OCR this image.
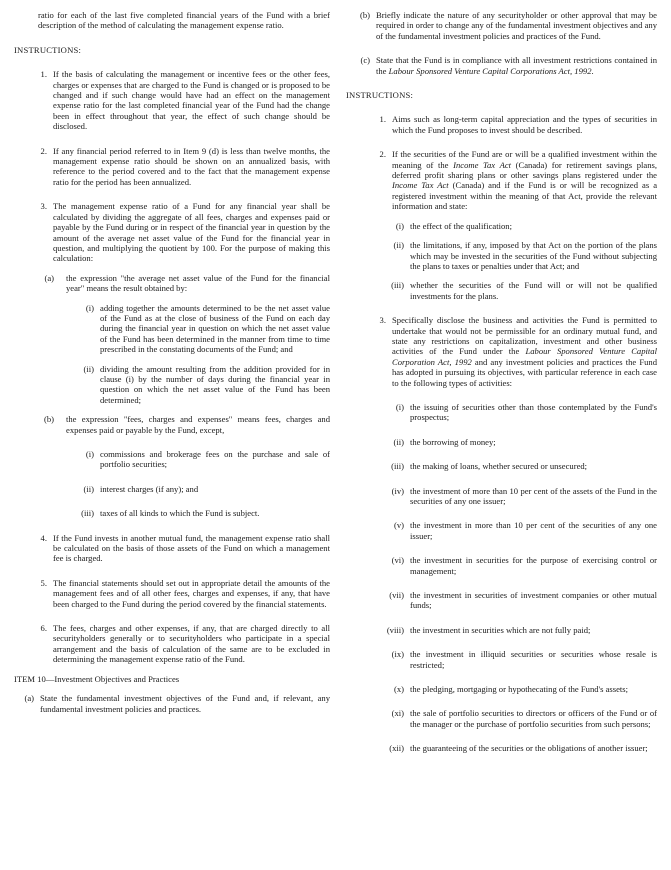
ratio for each of the last five completed financial years of the Fund with a brief description of the method of calculating the management expense ratio.

INSTRUCTIONS:

1. If the basis of calculating the management or incentive fees or the other fees, charges or expenses that are charged to the Fund is changed or is proposed to be changed and if such change would have had an effect on the management expense ratio for the last completed financial year of the Fund had the change been in effect throughout that year, the effect of such change should be disclosed.
2. If any financial period referred to in Item 9 (d) is less than twelve months, the management expense ratio should be shown on an annualized basis, with reference to the period covered and to the fact that the management expense ratio for the period has been annualized.
3. The management expense ratio of a Fund for any financial year shall be calculated by dividing the aggregate of all fees, charges and expenses paid or payable by the Fund during or in respect of the financial year in question by the amount of the average net asset value of the Fund for the financial year in question, and multiplying the quotient by 100. For the purpose of making this calculation:
(a)	the expression "the average net asset value of the Fund for the financial year" means the result obtained by:
(i) adding together the amounts determined to be the net asset value of the Fund as at the close of business of the Fund on each day during the financial year in question on which the net asset value of the Fund has been determined in the manner from time to time prescribed in the constating documents of the Fund; and
(ii) dividing the amount resulting from the addition provided for in clause (i) by the number of days during the financial year in question on which the net asset value of the Fund has been determined;
(b)	the expression "fees, charges and expenses" means fees, charges and expenses paid or payable by the Fund, except,
(i) commissions and brokerage fees on the purchase and sale of portfolio securities;
(ii) interest charges (if any); and
(iii) taxes of all kinds to which the Fund is subject.
4. If the Fund invests in another mutual fund, the management expense ratio shall be calculated on the basis of those assets of the Fund on which a management fee is charged.
5. The financial statements should set out in appropriate detail the amounts of the management fees and of all other fees, charges and expenses, if any, that have been charged to the Fund during the period covered by the financial statements.
6. The fees, charges and other expenses, if any, that are charged directly to all securityholders generally or to securityholders who participate in a special arrangement and the basis of calculation of the same are to be excluded in determining the management expense ratio of the Fund.

ITEM 10—Investment Objectives and Practices

(a) State the fundamental investment objectives of the Fund and, if relevant, any fundamental investment policies and practices.
(b) Briefly indicate the nature of any securityholder or other approval that may be required in order to change any of the fundamental investment objectives and any of the fundamental investment policies and practices of the Fund.
(c) State that the Fund is in compliance with all investment restrictions contained in the Labour Sponsored Venture Capital Corporations Act, 1992.

INSTRUCTIONS:

1. Aims such as long-term capital appreciation and the types of securities in which the Fund proposes to invest should be described.
2. If the securities of the Fund are or will be a qualified investment within the meaning of the Income Tax Act (Canada) for retirement savings plans, deferred profit sharing plans or other savings plans registered under the Income Tax Act (Canada) and if the Fund is or will be recognized as a registered investment within the meaning of that Act, provide the relevant information and state:
(i) the effect of the qualification;
(ii) the limitations, if any, imposed by that Act on the portion of the plans which may be invested in the securities of the Fund without subjecting the plans to taxes or penalties under that Act; and
(iii) whether the securities of the Fund will or will not be qualified investments for the plans.
3. Specifically disclose the business and activities the Fund is permitted to undertake that would not be permissible for an ordinary mutual fund, and state any restrictions on capitalization, investment and other business activities of the Fund under the Labour Sponsored Venture Capital Corporation Act, 1992 and any investment policies and practices the Fund has adopted in pursuing its objectives, with particular reference in each case to the following types of activities:
(i) the issuing of securities other than those contemplated by the Fund's prospectus;
(ii) the borrowing of money;
(iii) the making of loans, whether secured or unsecured;
(iv) the investment of more than 10 per cent of the assets of the Fund in the securities of any one issuer;
(v) the investment in more than 10 per cent of the securities of any one issuer;
(vi) the investment in securities for the purpose of exercising control or management;
(vii) the investment in securities of investment companies or other mutual funds;
(viii) the investment in securities which are not fully paid;
(ix) the investment in illiquid securities or securities whose resale is restricted;
(x) the pledging, mortgaging or hypothecating of the Fund's assets;
(xi) the sale of portfolio securities to directors or officers of the Fund or of the manager or the purchase of portfolio securities from such persons;
(xii) the guaranteeing of the securities or the obligations of another issuer;
